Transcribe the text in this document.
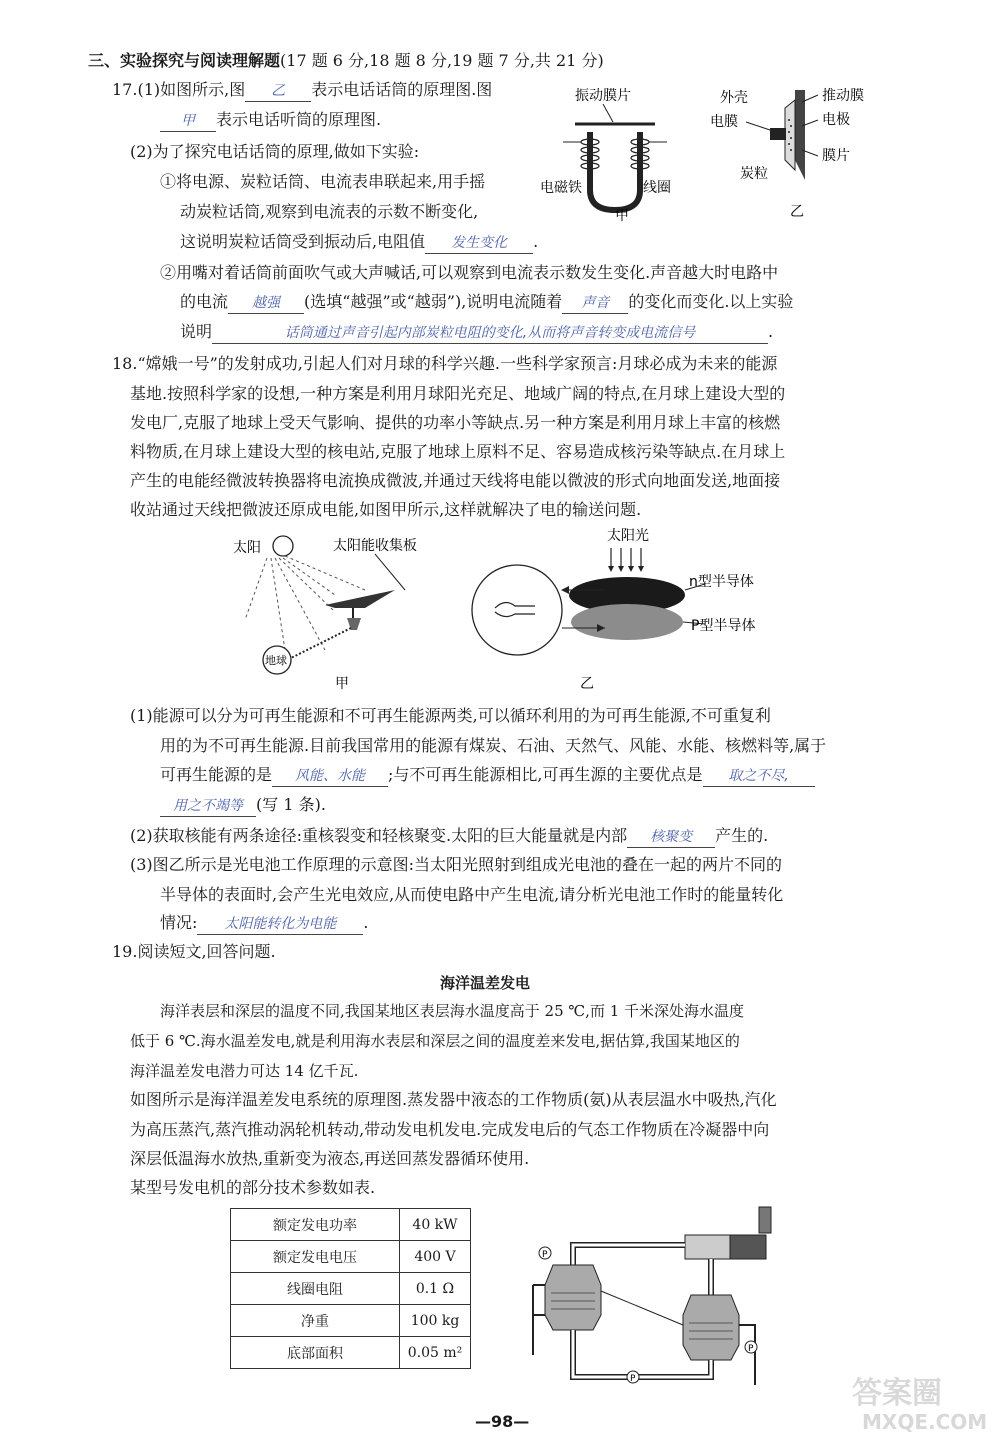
三、实验探究与阅读理解题(17 题 6 分,18 题 8 分,19 题 7 分,共 21 分)
17.(1)如图所示,图 乙 表示电话话筒的原理图.图
甲 表示电话听筒的原理图.
(2)为了探究电话话筒的原理,做如下实验:
①将电源、炭粒话筒、电流表串联起来,用手摇
动炭粒话筒,观察到电流表的示数不断变化,
这说明炭粒话筒受到振动后,电阻值 发生变化 .
②用嘴对着话筒前面吹气或大声喊话,可以观察到电流表示数发生变化.声音越大时电路中
的电流 越强 (选填“越强”或“越弱”),说明电流随着 声音 的变化而变化.以上实验
说明	话筒通过声音引起内部炭粒电阻的变化,从而将声音转变成电流信号	.
振动膜片
电磁铁	线圈
甲
外壳
电膜
炭粒
推动膜
电极
膜片
乙
18.“嫦娥一号”的发射成功,引起人们对月球的科学兴趣.一些科学家预言:月球必成为未来的能源
基地.按照科学家的设想,一种方案是利用月球阳光充足、地域广阔的特点,在月球上建设大型的
发电厂,克服了地球上受天气影响、提供的功率小等缺点.另一种方案是利用月球上丰富的核燃
料物质,在月球上建设大型的核电站,克服了地球上原料不足、容易造成核污染等缺点.在月球上
产生的电能经微波转换器将电流换成微波,并通过天线将电能以微波的形式向地面发送,地面接
收站通过天线把微波还原成电能,如图甲所示,这样就解决了电的输送问题.
太阳	太阳能收集板
地球
甲
太阳光
n型半导体
P型半导体
乙
(1)能源可以分为可再生能源和不可再生能源两类,可以循环利用的为可再生能源,不可重复利
用的为不可再生能源.目前我国常用的能源有煤炭、石油、天然气、风能、水能、核燃料等,属于
可再生能源的是 风能、水能 ;与不可再生能源相比,可再生源的主要优点是 取之不尽,
用之不竭等 (写 1 条).
(2)获取核能有两条途径:重核裂变和轻核聚变.太阳的巨大能量就是内部 核聚变 产生的.
(3)图乙所示是光电池工作原理的示意图:当太阳光照射到组成光电池的叠在一起的两片不同的
半导体的表面时,会产生光电效应,从而使电路中产生电流,请分析光电池工作时的能量转化
情况: 太阳能转化为电能 .
19.阅读短文,回答问题.
海洋温差发电
海洋表层和深层的温度不同,我国某地区表层海水温度高于 25 ℃,而 1 千米深处海水温度
低于 6 ℃.海水温差发电,就是利用海水表层和深层之间的温度差来发电,据估算,我国某地区的
海洋温差发电潜力可达 14 亿千瓦.
如图所示是海洋温差发电系统的原理图.蒸发器中液态的工作物质(氨)从表层温水中吸热,汽化
为高压蒸汽,蒸汽推动涡轮机转动,带动发电机发电.完成发电后的气态工作物质在冷凝器中向
深层低温海水放热,重新变为液态,再送回蒸发器循环使用.
某型号发电机的部分技术参数如表.
额定发电功率	40 kW
额定发电电压	400 V
线圈电阻	0.1 Ω
净重	100 kg
底部面积	0.05 m²
P
P
P
—98—
答案圈
MXQE.COM
